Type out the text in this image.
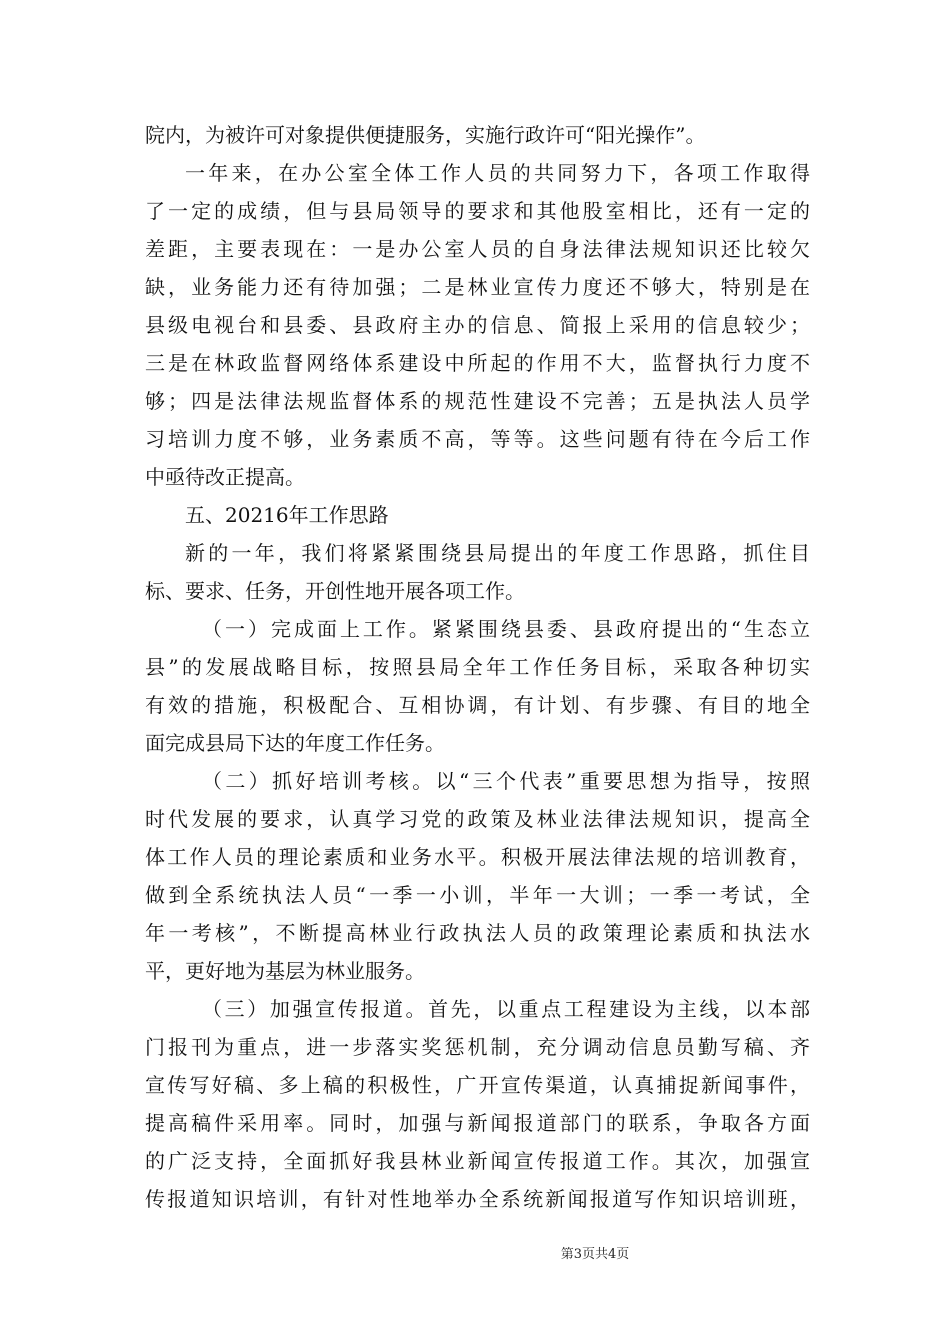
院内，为被许可对象提供便捷服务，实施行政许可“阳光操作”。
一年来，在办公室全体工作人员的共同努力下，各项工作取得
了一定的成绩，但与县局领导的要求和其他股室相比，还有一定的
差距，主要表现在：一是办公室人员的自身法律法规知识还比较欠
缺，业务能力还有待加强；二是林业宣传力度还不够大，特别是在
县级电视台和县委、县政府主办的信息、简报上采用的信息较少；
三是在林政监督网络体系建设中所起的作用不大，监督执行力度不
够；四是法律法规监督体系的规范性建设不完善；五是执法人员学
习培训力度不够，业务素质不高，等等。这些问题有待在今后工作
中亟待改正提高。
五、20216年工作思路
新的一年，我们将紧紧围绕县局提出的年度工作思路，抓住目
标、要求、任务，开创性地开展各项工作。
（一）完成面上工作。紧紧围绕县委、县政府提出的“生态立
县”的发展战略目标，按照县局全年工作任务目标，采取各种切实
有效的措施，积极配合、互相协调，有计划、有步骤、有目的地全
面完成县局下达的年度工作任务。
（二）抓好培训考核。以“三个代表”重要思想为指导，按照
时代发展的要求，认真学习党的政策及林业法律法规知识，提高全
体工作人员的理论素质和业务水平。积极开展法律法规的培训教育，
做到全系统执法人员“一季一小训，半年一大训；一季一考试，全
年一考核”，不断提高林业行政执法人员的政策理论素质和执法水
平，更好地为基层为林业服务。
（三）加强宣传报道。首先，以重点工程建设为主线，以本部
门报刊为重点，进一步落实奖惩机制，充分调动信息员勤写稿、齐
宣传写好稿、多上稿的积极性，广开宣传渠道，认真捕捉新闻事件，
提高稿件采用率。同时，加强与新闻报道部门的联系，争取各方面
的广泛支持，全面抓好我县林业新闻宣传报道工作。其次，加强宣
传报道知识培训，有针对性地举办全系统新闻报道写作知识培训班，
第3页共4页
